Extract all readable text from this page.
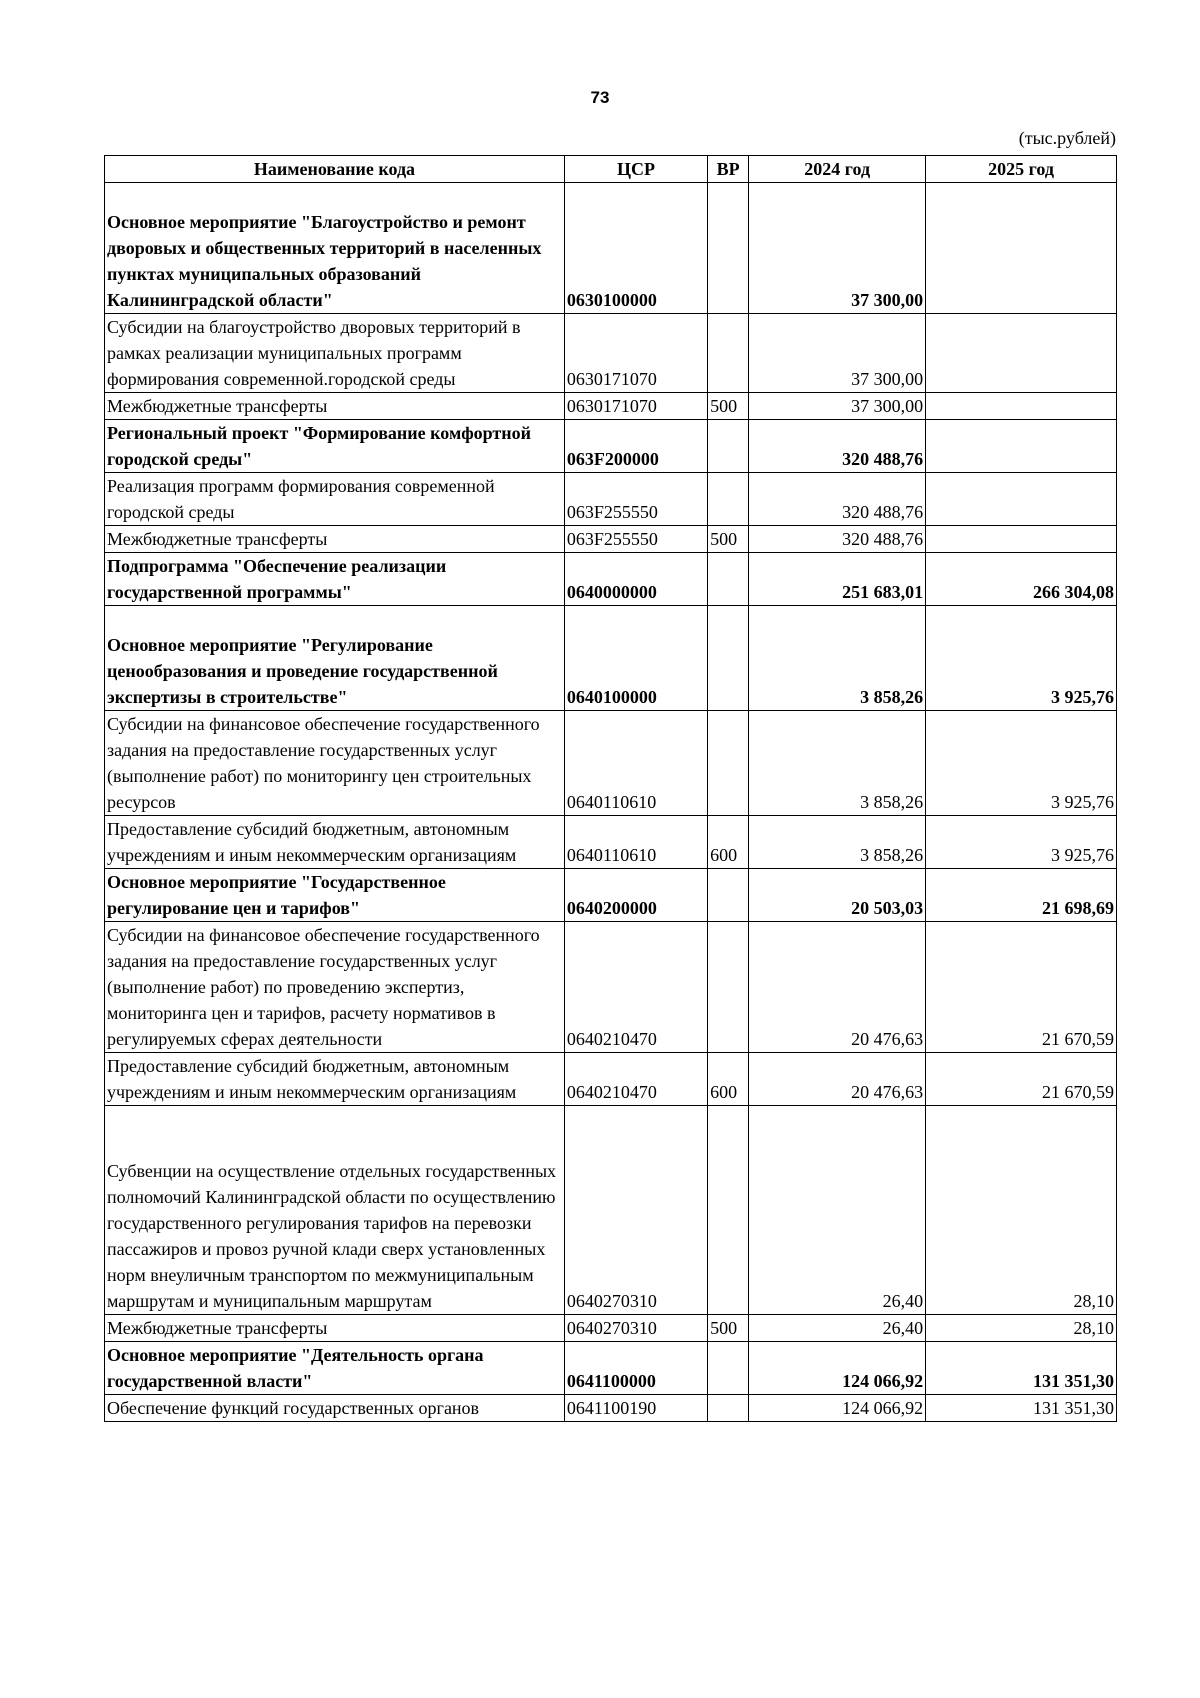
73
(тыс.рублей)
Наименование кода	ЦСР	ВР	2024 год	2025 год

Основное мероприятие "Благоустройство и ремонт дворовых и общественных территорий в населенных пунктах муниципальных образований Калининградской области"	0630100000		37 300,00	
Субсидии на благоустройство дворовых территорий в рамках реализации муниципальных программ формирования современной.городской среды	0630171070		37 300,00	
Межбюджетные трансферты	0630171070	500	37 300,00	
Региональный проект "Формирование комфортной городской среды"	063F200000		320 488,76	
Реализация программ формирования современной городской среды	063F255550		320 488,76	
Межбюджетные трансферты	063F255550	500	320 488,76	
Подпрограмма "Обеспечение реализации государственной программы"	0640000000		251 683,01	266 304,08

Основное мероприятие "Регулирование ценообразования и проведение государственной экспертизы в строительстве"	0640100000		3 858,26	3 925,76
Субсидии на финансовое обеспечение государственного задания на предоставление государственных услуг (выполнение работ) по мониторингу цен строительных ресурсов	0640110610		3 858,26	3 925,76
Предоставление субсидий бюджетным, автономным учреждениям и иным некоммерческим организациям	0640110610	600	3 858,26	3 925,76
Основное мероприятие "Государственное регулирование цен и тарифов"	0640200000		20 503,03	21 698,69
Субсидии на финансовое обеспечение государственного задания на предоставление государственных услуг (выполнение работ) по проведению экспертиз, мониторинга цен и тарифов, расчету нормативов в регулируемых сферах деятельности	0640210470		20 476,63	21 670,59
Предоставление субсидий бюджетным, автономным учреждениям и иным некоммерческим организациям	0640210470	600	20 476,63	21 670,59

Субвенции на осуществление отдельных государственных полномочий Калининградской области по осуществлению государственного регулирования тарифов на перевозки пассажиров и провоз ручной клади сверх установленных норм внеуличным транспортом по межмуниципальным маршрутам и муниципальным маршрутам	0640270310		26,40	28,10
Межбюджетные трансферты	0640270310	500	26,40	28,10
Основное мероприятие "Деятельность органа государственной власти"	0641100000		124 066,92	131 351,30
Обеспечение функций государственных органов	0641100190		124 066,92	131 351,30
